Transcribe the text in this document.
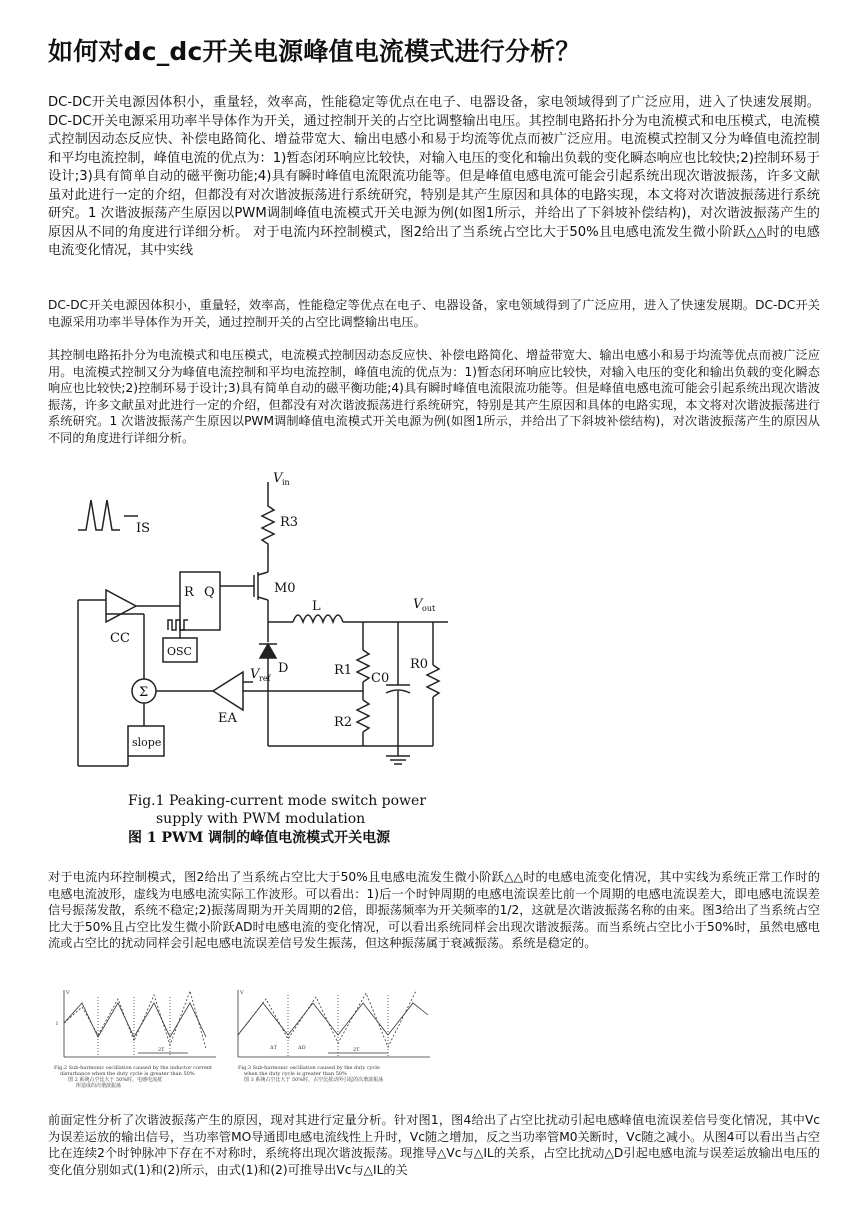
如何对dc_dc开关电源峰值电流模式进行分析？

DC-DC开关电源因体积小，重量轻，效率高，性能稳定等优点在电子、电器设备，家电领域得到了广泛应用，进入了快速发展期。DC-DC开关电源采用功率半导体作为开关，通过控制开关的占空比调整输出电压。其控制电路拓扑分为电流模式和电压模式，电流模式控制因动态反应快、补偿电路简化、增益带宽大、输出电感小和易于均流等优点而被广泛应用。电流模式控制又分为峰值电流控制和平均电流控制，峰值电流的优点为：1)暂态闭环响应比较快，对输入电压的变化和输出负载的变化瞬态响应也比较快;2)控制环易于设计;3)具有简单自动的磁平衡功能;4)具有瞬时峰值电流限流功能等。但是峰值电感电流可能会引起系统出现次谐波振荡，许多文献虽对此进行一定的介绍，但都没有对次谐波振荡进行系统研究，特别是其产生原因和具体的电路实现，本文将对次谐波振荡进行系统研究。1 次谐波振荡产生原因以PWM调制峰值电流模式开关电源为例(如图1所示，并给出了下斜坡补偿结构)，对次谐波振荡产生的原因从不同的角度进行详细分析。 对于电流内环控制模式，图2给出了当系统占空比大于50%且电感电流发生微小阶跃△△时的电感电流变化情况，其中实线

DC-DC开关电源因体积小，重量轻，效率高，性能稳定等优点在电子、电器设备，家电领域得到了广泛应用，进入了快速发展期。DC-DC开关电源采用功率半导体作为开关，通过控制开关的占空比调整输出电压。

其控制电路拓扑分为电流模式和电压模式，电流模式控制因动态反应快、补偿电路简化、增益带宽大、输出电感小和易于均流等优点而被广泛应用。电流模式控制又分为峰值电流控制和平均电流控制，峰值电流的优点为：1)暂态闭环响应比较快，对输入电压的变化和输出负载的变化瞬态响应也比较快;2)控制环易于设计;3)具有简单自动的磁平衡功能;4)具有瞬时峰值电流限流功能等。但是峰值电感电流可能会引起系统出现次谐波振荡，许多文献虽对此进行一定的介绍，但都没有对次谐波振荡进行系统研究，特别是其产生原因和具体的电路实现，本文将对次谐波振荡进行系统研究。1 次谐波振荡产生原因以PWM调制峰值电流模式开关电源为例(如图1所示，并给出了下斜坡补偿结构)，对次谐波振荡产生的原因从不同的角度进行详细分析。

V in
R3
IS
M0
R Q
CC
L	V out
OSC
V ref
D	R1
C0
R0
R2
EA
slope
Σ
Fig.1 Peaking-current mode switch power
supply with PWM modulation
图 1 PWM 调制的峰值电流模式开关电源

对于电流内环控制模式，图2给出了当系统占空比大于50%且电感电流发生微小阶跃△△时的电感电流变化情况，其中实线为系统正常工作时的电感电流波形，虚线为电感电流实际工作波形。可以看出：1)后一个时钟周期的电感电流误差比前一个周期的电感电流误差大，即电感电流误差信号振荡发散，系统不稳定;2)振荡周期为开关周期的2倍，即振荡频率为开关频率的1/2，这就是次谐波振荡名称的由来。图3给出了当系统占空比大于50%且占空比发生微小阶跃AD时电感电流的变化情况，可以看出系统同样会出现次谐波振荡。而当系统占空比小于50%时，虽然电感电流或占空比的扰动同样会引起电感电流误差信号发生振荡，但这种振荡属于衰减振荡。系统是稳定的。

V
I
2T
V
ΔT	ΔD	2T
Fig.2 Sub-harmonic oscillation caused by the inductor current
disturbance when the duty cycle is greater than 50%
图 2 系统占空比大于 50%时，电感电流扰
所造成的次谐波振荡
Fig.3 Sub-harmonic oscillation caused by the duty cycle
when the duty cycle is greater than 50%
图 3 系统占空比大于 50%时，占空比扰动所引起的次谐波振荡

前面定性分析了次谐波振荡产生的原因，现对其进行定量分析。针对图1，图4给出了占空比扰动引起电感峰值电流误差信号变化情况，其中Vc为误差运放的输出信号，当功率管MO导通即电感电流线性上升时，Vc随之增加，反之当功率管M0关断时，Vc随之减小。从图4可以看出当占空比在连续2个时钟脉冲下存在不对称时，系统将出现次谐波振荡。现推导△Vc与△IL的关系，占空比扰动△D引起电感电流与误差运放输出电压的变化值分别如式(1)和(2)所示，由式(1)和(2)可推导出Vc与△IL的关
